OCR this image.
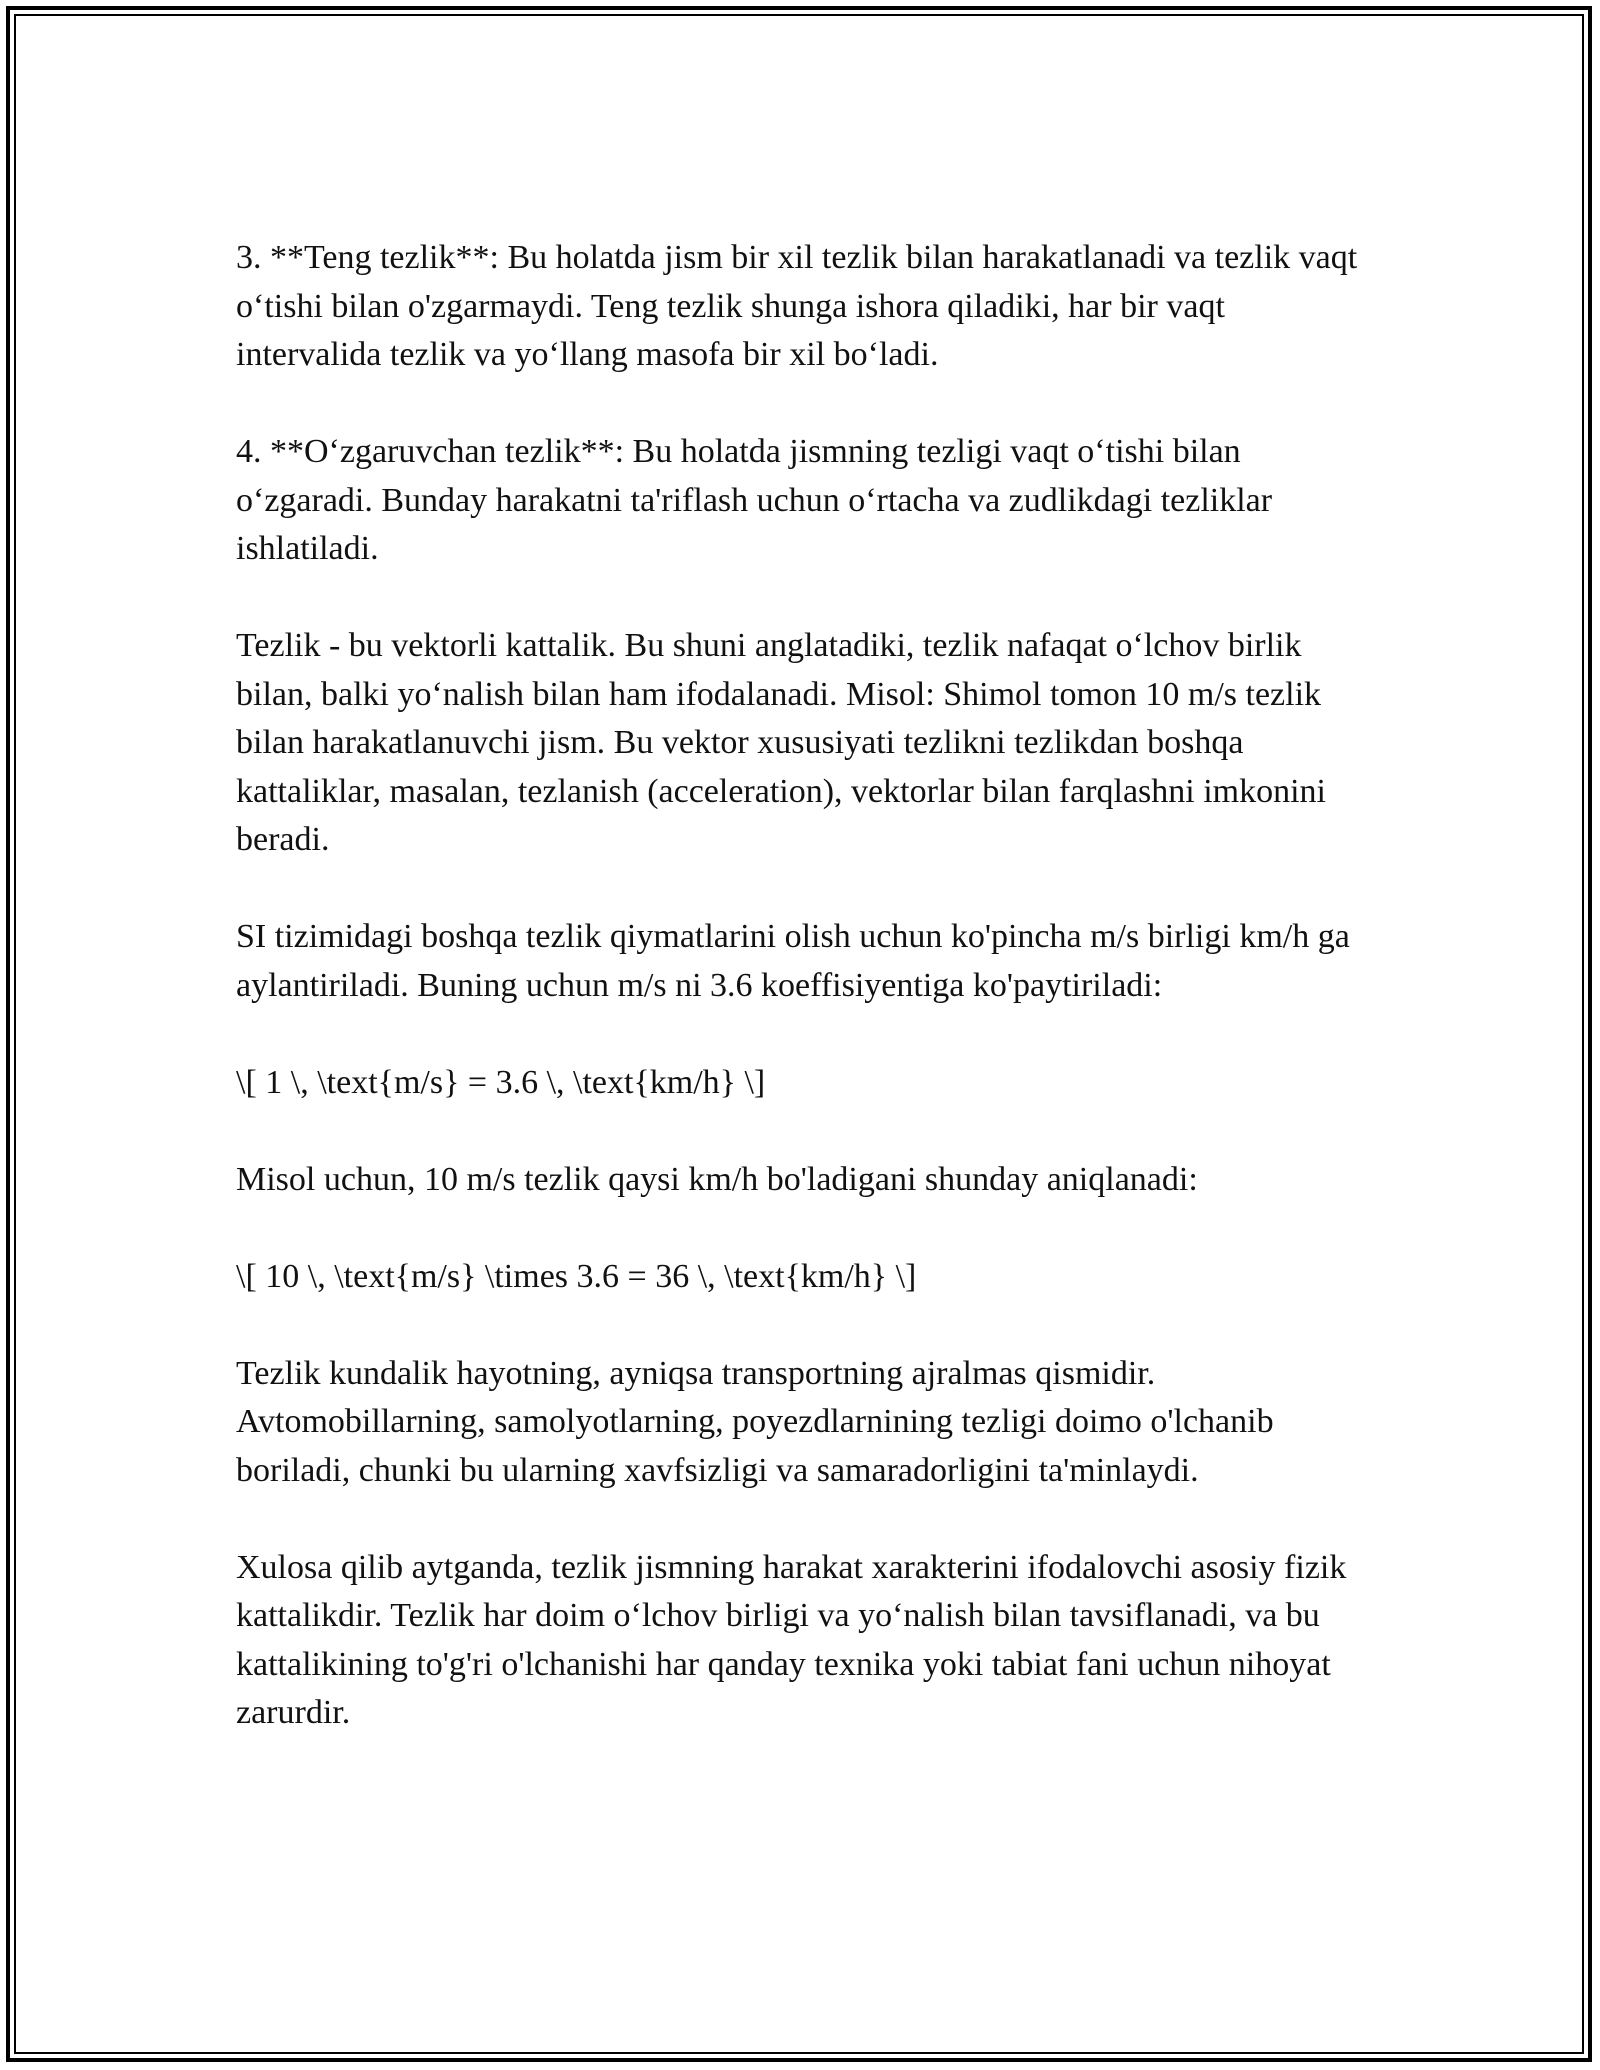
3. **Teng tezlik**: Bu holatda jism bir xil tezlik bilan harakatlanadi va tezlik vaqt o‘tishi bilan o'zgarmaydi. Teng tezlik shunga ishora qiladiki, har bir vaqt intervalida tezlik va yo‘llang masofa bir xil bo‘ladi.

4. **O‘zgaruvchan tezlik**: Bu holatda jismning tezligi vaqt o‘tishi bilan o‘zgaradi. Bunday harakatni ta'riflash uchun o‘rtacha va zudlikdagi tezliklar ishlatiladi.

Tezlik - bu vektorli kattalik. Bu shuni anglatadiki, tezlik nafaqat o‘lchov birlik bilan, balki yo‘nalish bilan ham ifodalanadi. Misol: Shimol tomon 10 m/s tezlik bilan harakatlanuvchi jism. Bu vektor xususiyati tezlikni tezlikdan boshqa kattaliklar, masalan, tezlanish (acceleration), vektorlar bilan farqlashni imkonini beradi.

SI tizimidagi boshqa tezlik qiymatlarini olish uchun ko'pincha m/s birligi km/h ga aylantiriladi. Buning uchun m/s ni 3.6 koeffisiyentiga ko'paytiriladi:

\[ 1 \, \text{m/s} = 3.6 \, \text{km/h} \]

Misol uchun, 10 m/s tezlik qaysi km/h bo'ladigani shunday aniqlanadi:

\[ 10 \, \text{m/s} \times 3.6 = 36 \, \text{km/h} \]

Tezlik kundalik hayotning, ayniqsa transportning ajralmas qismidir. Avtomobillarning, samolyotlarning, poyezdlarnining tezligi doimo o'lchanib boriladi, chunki bu ularning xavfsizligi va samaradorligini ta'minlaydi.

Xulosa qilib aytganda, tezlik jismning harakat xarakterini ifodalovchi asosiy fizik kattalikdir. Tezlik har doim o‘lchov birligi va yo‘nalish bilan tavsiflanadi, va bu kattalikining to'g'ri o'lchanishi har qanday texnika yoki tabiat fani uchun nihoyat zarurdir.
